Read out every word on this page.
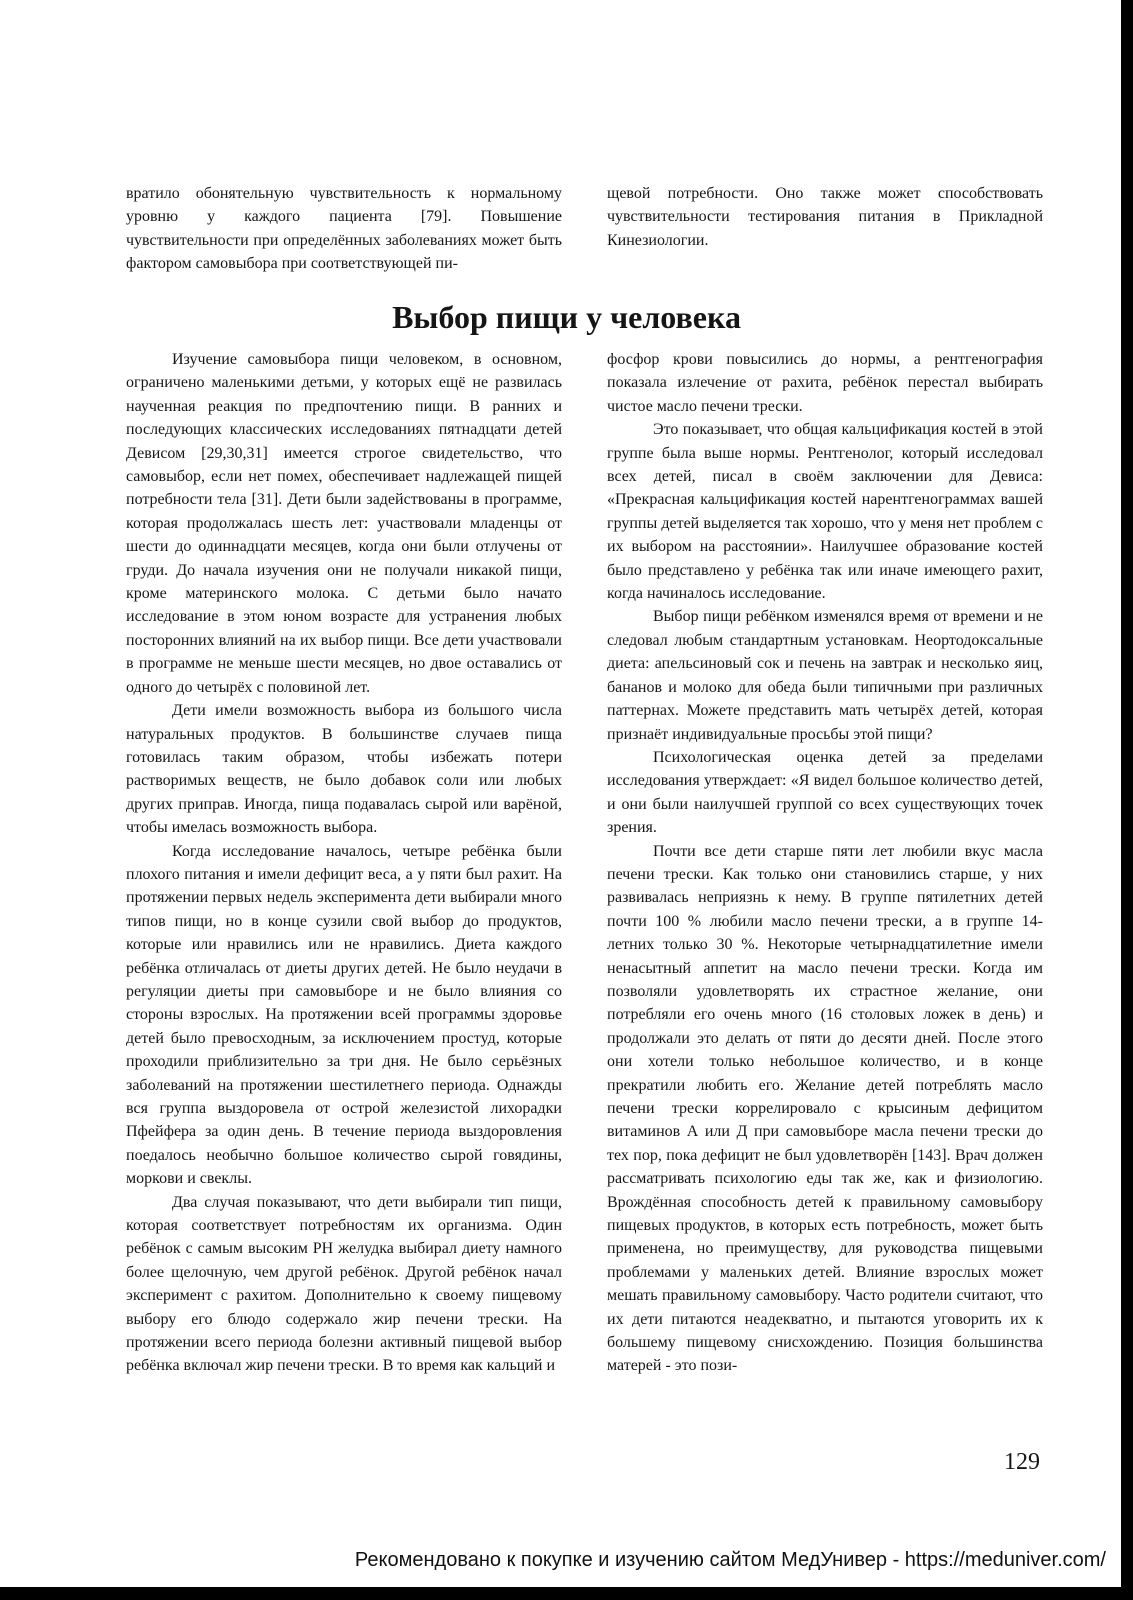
вратило обонятельную чувствительность к нормальному уровню у каждого пациента [79]. Повышение чувствительности при определённых заболеваниях может быть фактором самовыбора при соответствующей пи-

щевой потребности. Оно также может способствовать чувствительности тестирования питания в Прикладной Кинезиологии.

Выбор пищи у человека

Изучение самовыбора пищи человеком, в основном, ограничено маленькими детьми, у которых ещё не развилась наученная реакция по предпочтению пищи. В ранних и последующих классических исследованиях пятнадцати детей Девисом [29,30,31] имеется строгое свидетельство, что самовыбор, если нет помех, обеспечивает надлежащей пищей потребности тела [31]. Дети были задействованы в программе, которая продолжалась шесть лет: участвовали младенцы от шести до одиннадцати месяцев, когда они были отлучены от груди. До начала изучения они не получали никакой пищи, кроме материнского молока. С детьми было начато исследование в этом юном возрасте для устранения любых посторонних влияний на их выбор пищи. Все дети участвовали в программе не меньше шести месяцев, но двое оставались от одного до четырёх с половиной лет.

Дети имели возможность выбора из большого числа натуральных продуктов. В большинстве случаев пища готовилась таким образом, чтобы избежать потери растворимых веществ, не было добавок соли или любых других приправ. Иногда, пища подавалась сырой или варёной, чтобы имелась возможность выбора.

Когда исследование началось, четыре ребёнка были плохого питания и имели дефицит веса, а у пяти был рахит. На протяжении первых недель эксперимента дети выбирали много типов пищи, но в конце сузили свой выбор до продуктов, которые или нравились или не нравились. Диета каждого ребёнка отличалась от диеты других детей. Не было неудачи в регуляции диеты при самовыборе и не было влияния со стороны взрослых. На протяжении всей программы здоровье детей было превосходным, за исключением простуд, которые проходили приблизительно за три дня. Не было серьёзных заболеваний на протяжении шестилетнего периода. Однажды вся группа выздоровела от острой железистой лихорадки Пфейфера за один день. В течение периода выздоровления поедалось необычно большое количество сырой говядины, моркови и свеклы.

Два случая показывают, что дети выбирали тип пищи, которая соответствует потребностям их организма. Один ребёнок с самым высоким РН желудка выбирал диету намного более щелочную, чем другой ребёнок. Другой ребёнок начал эксперимент с рахитом. Дополнительно к своему пищевому выбору его блюдо содержало жир печени трески. На протяжении всего периода болезни активный пищевой выбор ребёнка включал жир печени трески. В то время как кальций и

фосфор крови повысились до нормы, а рентгенография показала излечение от рахита, ребёнок перестал выбирать чистое масло печени трески.

Это показывает, что общая кальцификация костей в этой группе была выше нормы. Рентгенолог, который исследовал всех детей, писал в своём заключении для Девиса: «Прекрасная кальцификация костей нарентгенограммах вашей группы детей выделяется так хорошо, что у меня нет проблем с их выбором на расстоянии». Наилучшее образование костей было представлено у ребёнка так или иначе имеющего рахит, когда начиналось исследование.

Выбор пищи ребёнком изменялся время от времени и не следовал любым стандартным установкам. Неортодоксальные диета: апельсиновый сок и печень на завтрак и несколько яиц, бананов и молоко для обеда были типичными при различных паттернах. Можете представить мать четырёх детей, которая признаёт индивидуальные просьбы этой пищи?

Психологическая оценка детей за пределами исследования утверждает: «Я видел большое количество детей, и они были наилучшей группой со всех существующих точек зрения.

Почти все дети старше пяти лет любили вкус масла печени трески. Как только они становились старше, у них развивалась неприязнь к нему. В группе пятилетних детей почти 100 % любили масло печени трески, а в группе 14-летних только 30 %. Некоторые четырнадцатилетние имели ненасытный аппетит на масло печени трески. Когда им позволяли удовлетворять их страстное желание, они потребляли его очень много (16 столовых ложек в день) и продолжали это делать от пяти до десяти дней. После этого они хотели только небольшое количество, и в конце прекратили любить его. Желание детей потреблять масло печени трески коррелировало с крысиным дефицитом витаминов А или Д при самовыборе масла печени трески до тех пор, пока дефицит не был удовлетворён [143]. Врач должен рассматривать психологию еды так же, как и физиологию. Врождённая способность детей к правильному самовыбору пищевых продуктов, в которых есть потребность, может быть применена, но преимуществу, для руководства пищевыми проблемами у маленьких детей. Влияние взрослых может мешать правильному самовыбору. Часто родители считают, что их дети питаются неадекватно, и пытаются уговорить их к большему пищевому снисхождению. Позиция большинства матерей - это пози-

129
Рекомендовано к покупке и изучению сайтом МедУнивер - https://meduniver.com/
